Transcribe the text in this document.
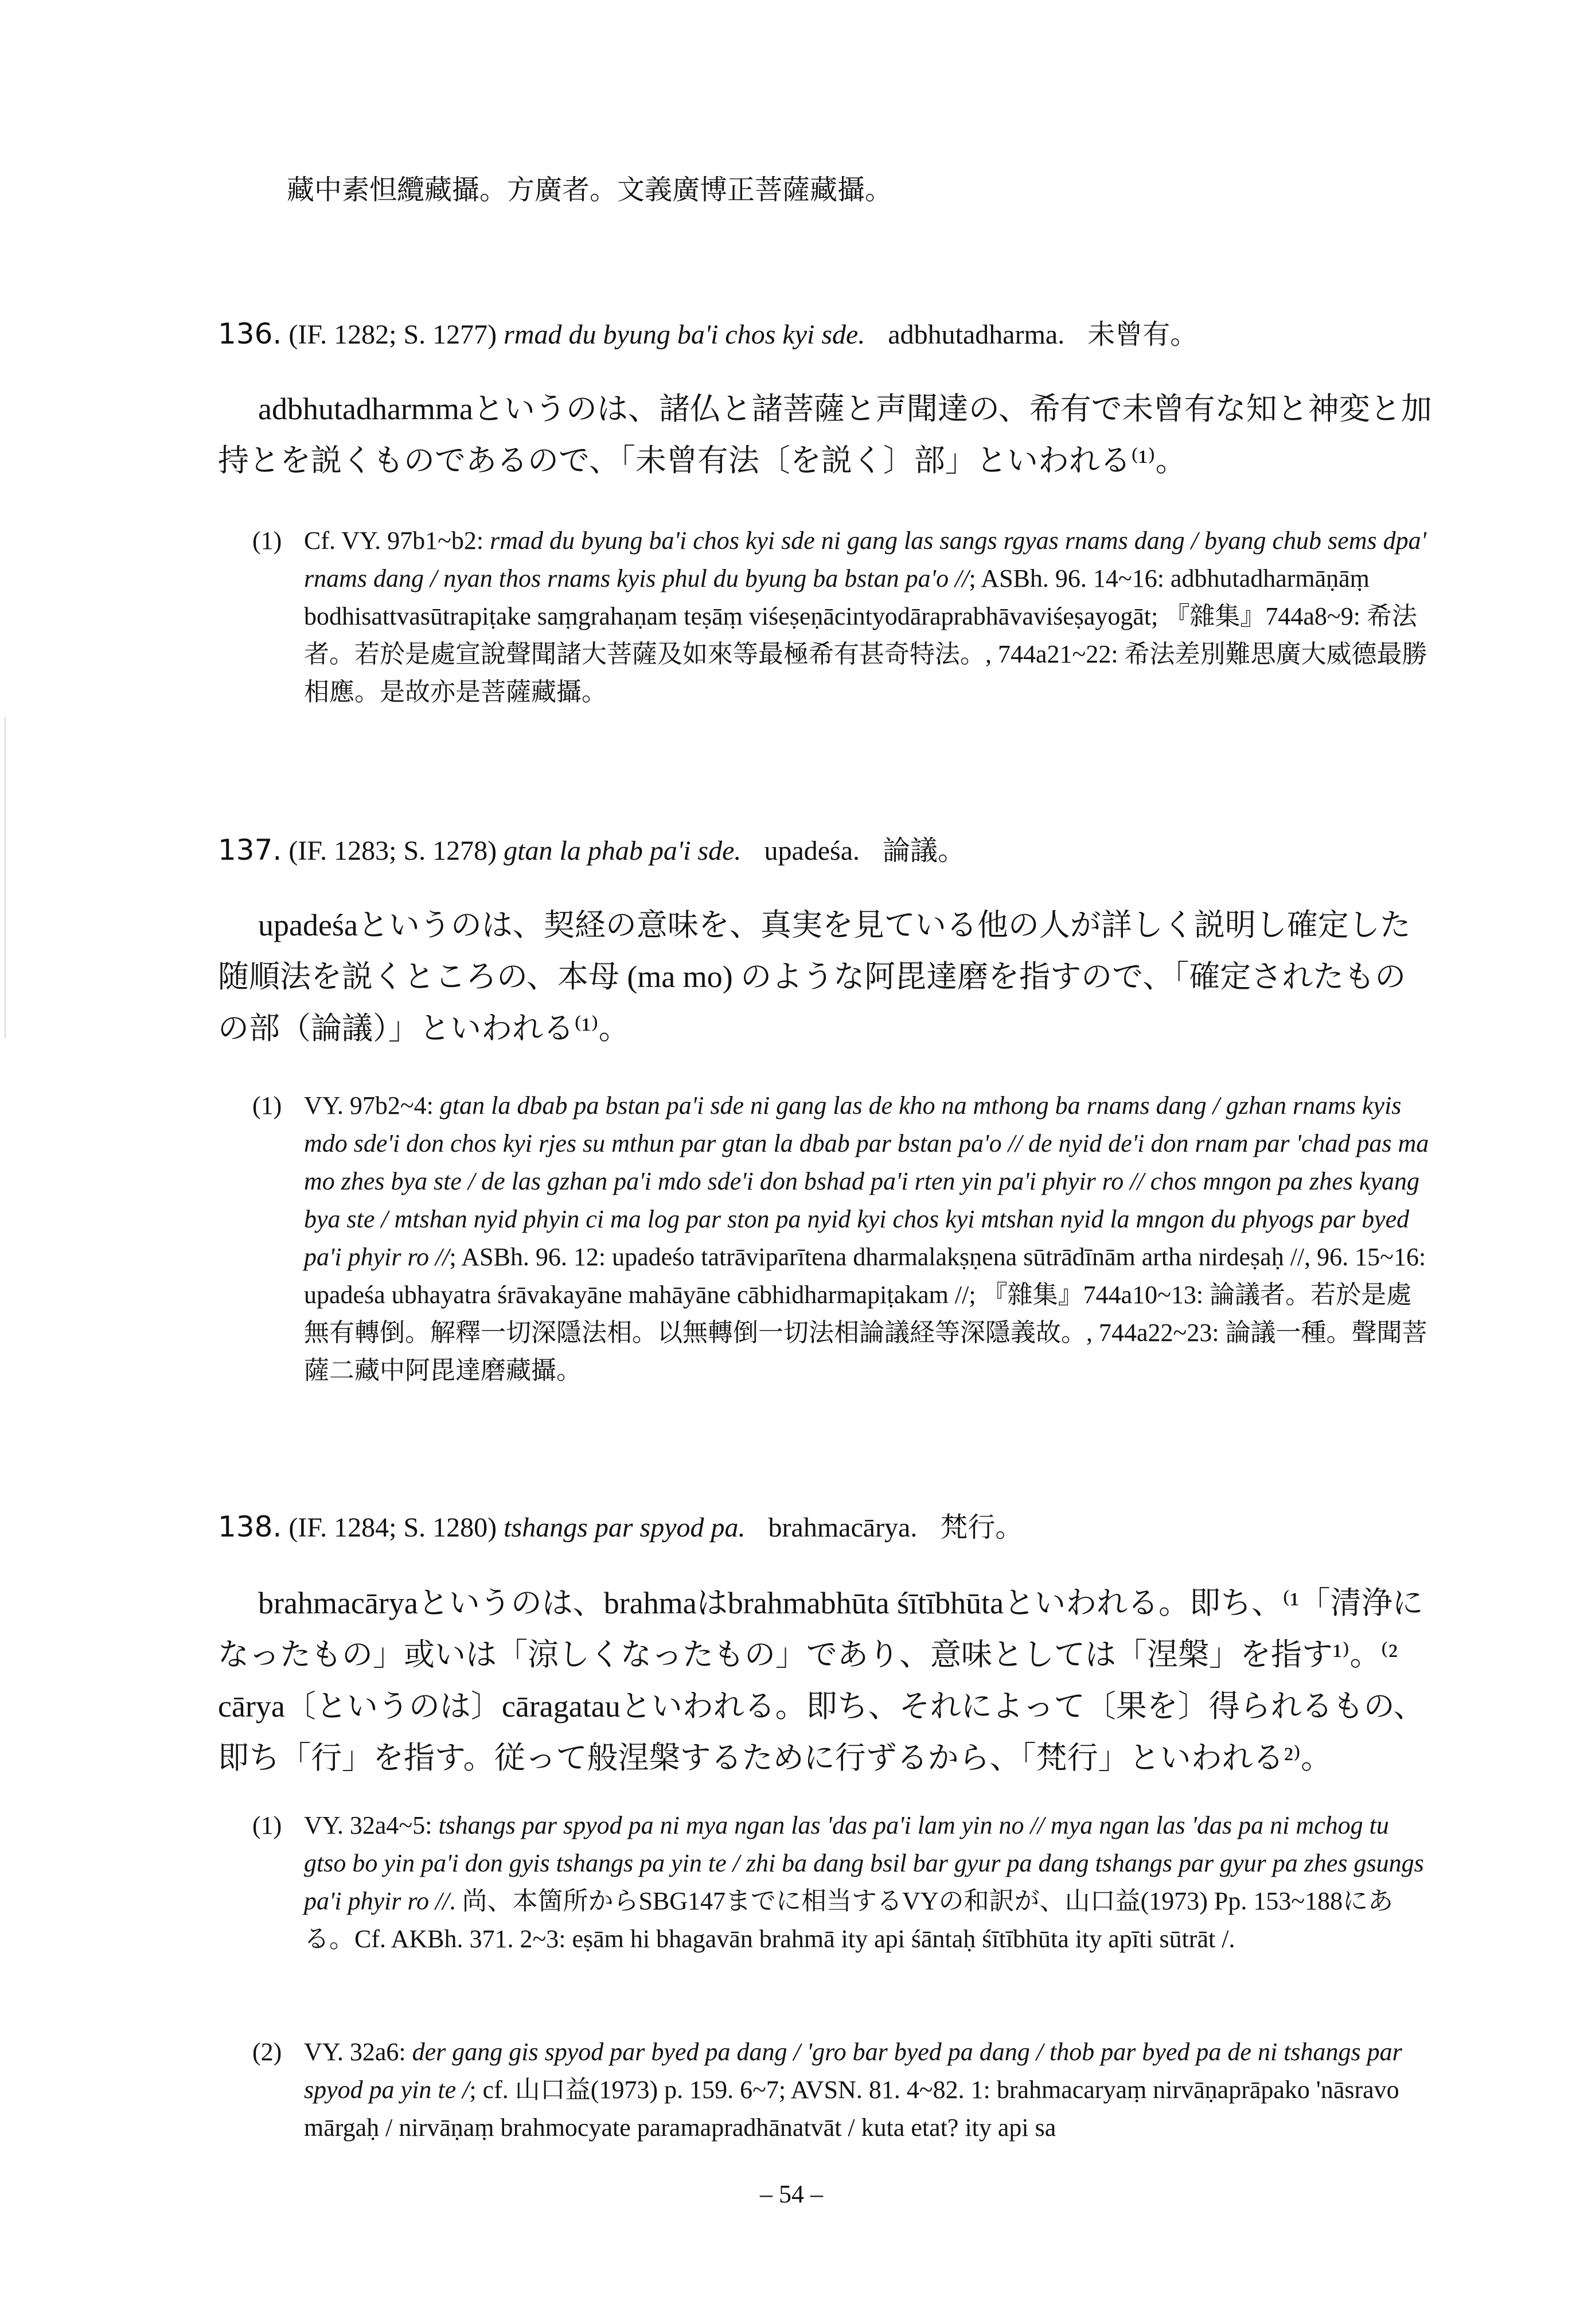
藏中素怛纜藏攝。方廣者。文義廣博正菩薩藏攝。
136. (IF. 1282; S. 1277) rmad du byung ba'i chos kyi sde. adbhutadharma. 未曾有。
adbhutadharmmaというのは、諸仏と諸菩薩と声聞達の、希有で未曾有な知と神変と加持とを説くものであるので、「未曾有法〔を説く〕部」といわれる⁽¹⁾。
(1) Cf. VY. 97b1~b2: rmad du byung ba'i chos kyi sde ni gang las sangs rgyas rnams dang / byang chub sems dpa' rnams dang / nyan thos rnams kyis phul du byung ba bstan pa'o //; ASBh. 96. 14~16: adbhutadharmāṇāṃ bodhisattvasūtrapiṭake saṃgrahaṇam teṣāṃ viśeṣeṇācintyodāraprabhāvaviśeṣayogāt; 『雜集』744a8~9: 希法者。若於是處宣說聲聞諸大菩薩及如來等最極希有甚奇特法。, 744a21~22: 希法差別難思廣大威德最勝相應。是故亦是菩薩藏攝。
137. (IF. 1283; S. 1278) gtan la phab pa'i sde. upadeśa. 論議。
upadeśaというのは、契経の意味を、真実を見ている他の人が詳しく説明し確定した随順法を説くところの、本母 (ma mo) のような阿毘達磨を指すので、「確定されたものの部（論議）」といわれる⁽¹⁾。
(1) VY. 97b2~4: gtan la dbab pa bstan pa'i sde ni gang las de kho na mthong ba rnams dang / gzhan rnams kyis mdo sde'i don chos kyi rjes su mthun par gtan la dbab par bstan pa'o // de nyid de'i don rnam par 'chad pas ma mo zhes bya ste / de las gzhan pa'i mdo sde'i don bshad pa'i rten yin pa'i phyir ro // chos mngon pa zhes kyang bya ste / mtshan nyid phyin ci ma log par ston pa nyid kyi chos kyi mtshan nyid la mngon du phyogs par byed pa'i phyir ro //; ASBh. 96. 12: upadeśo tatrāviparītena dharmalakṣṇena sūtrādīnām artha nirdeṣaḥ //, 96. 15~16: upadeśa ubhayatra śrāvakayāne mahāyāne cābhidharmapiṭakam //; 『雜集』744a10~13: 論議者。若於是處無有轉倒。解釋一切深隱法相。以無轉倒一切法相論議経等深隱義故。, 744a22~23: 論議一種。聲聞菩薩二藏中阿毘達磨藏攝。
138. (IF. 1284; S. 1280) tshangs par spyod pa. brahmacārya. 梵行。
brahmacāryaというのは、brahmaはbrahmabhūta śītībhūtaといわれる。即ち、⁽¹「清浄になったもの」或いは「涼しくなったもの」であり、意味としては「涅槃」を指す¹⁾。⁽² cārya〔というのは〕cāragatauといわれる。即ち、それによって〔果を〕得られるもの、即ち「行」を指す。従って般涅槃するために行ずるから、「梵行」といわれる²⁾。
(1) VY. 32a4~5: tshangs par spyod pa ni mya ngan las 'das pa'i lam yin no // mya ngan las 'das pa ni mchog tu gtso bo yin pa'i don gyis tshangs pa yin te / zhi ba dang bsil bar gyur pa dang tshangs par gyur pa zhes gsungs pa'i phyir ro //. 尚、本箇所からSBG147までに相当するVYの和訳が、山口益(1973) Pp. 153~188にある。Cf. AKBh. 371. 2~3: eṣām hi bhagavān brahmā ity api śāntaḥ śītībhūta ity apīti sūtrāt /.
(2) VY. 32a6: der gang gis spyod par byed pa dang / 'gro bar byed pa dang / thob par byed pa de ni tshangs par spyod pa yin te /; cf. 山口益(1973) p. 159. 6~7; AVSN. 81. 4~82. 1: brahmacaryaṃ nirvāṇaprāpako 'nāsravo mārgaḥ / nirvāṇaṃ brahmocyate paramapradhānatvāt / kuta etat? ity api sa
– 54 –
